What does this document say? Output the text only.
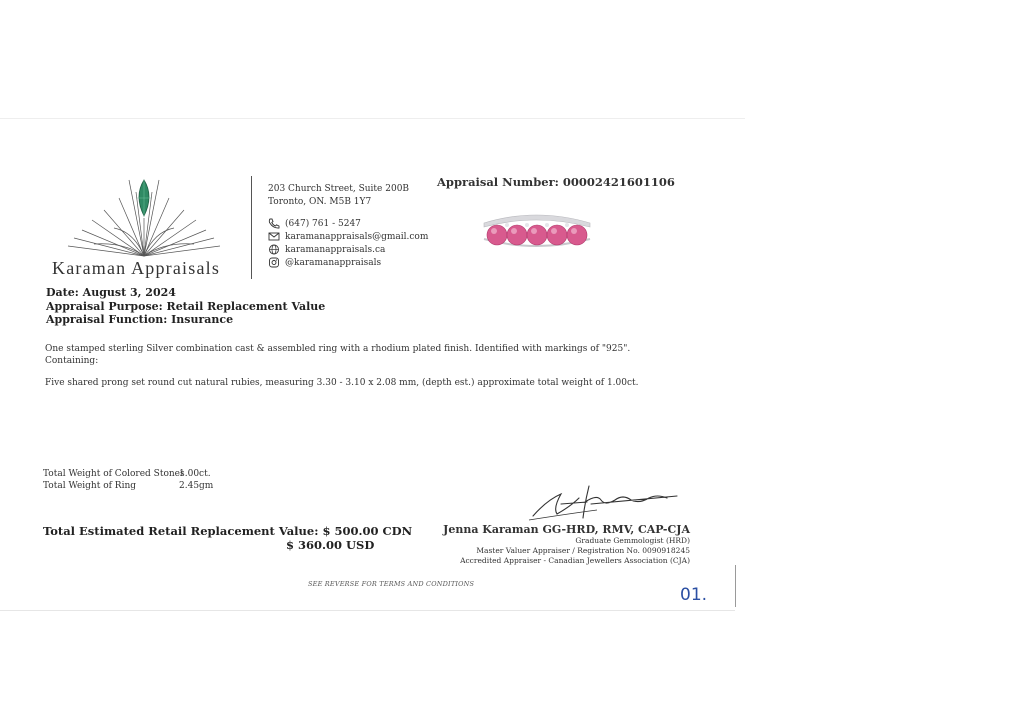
Karaman Appraisals
203 Church Street, Suite 200B
Toronto, ON. M5B 1Y7
(647) 761 - 5247
karamanappraisals@gmail.com
karamanappraisals.ca
@karamanappraisals
Appraisal Number: 00002421601106
Date: August 3, 2024
Appraisal Purpose: Retail Replacement Value
Appraisal Function: Insurance

One stamped sterling Silver combination cast & assembled ring with a rhodium plated finish. Identified with markings of "925".

Containing:

Five shared prong set round cut natural rubies, measuring 3.30 - 3.10 x 2.08 mm, (depth est.) approximate total weight of 1.00ct.

Total Weight of Colored Stones
1.00ct.
Total Weight of Ring	2.45gm
Total Estimated Retail Replacement Value: $ 500.00 CDN
$ 360.00 USD
Jenna Karaman GG-HRD, RMV, CAP-CJA
Graduate Gemmologist (HRD)
Master Valuer Appraiser / Registration No. 0090918245
Accredited Appraiser - Canadian Jewellers Association (CJA)
SEE REVERSE FOR TERMS AND CONDITIONS
01.
